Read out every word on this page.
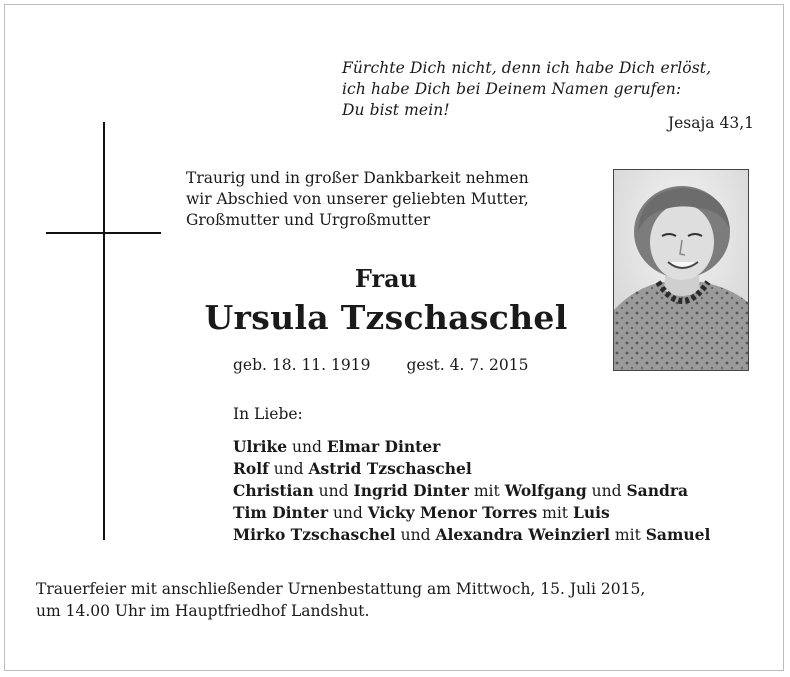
Fürchte Dich nicht, denn ich habe Dich erlöst,
ich habe Dich bei Deinem Namen gerufen:
Du bist mein!
Jesaja 43,1
Traurig und in großer Dankbarkeit nehmen
wir Abschied von unserer geliebten Mutter,
Großmutter und Urgroßmutter
Frau
Ursula Tzschaschel
geb. 18. 11. 1919 gest. 4. 7. 2015
In Liebe:
Ulrike und Elmar Dinter
Rolf und Astrid Tzschaschel
Christian und Ingrid Dinter mit Wolfgang und Sandra
Tim Dinter und Vicky Menor Torres mit Luis
Mirko Tzschaschel und Alexandra Weinzierl mit Samuel
Trauerfeier mit anschließender Urnenbestattung am Mittwoch, 15. Juli 2015,
um 14.00 Uhr im Hauptfriedhof Landshut.
